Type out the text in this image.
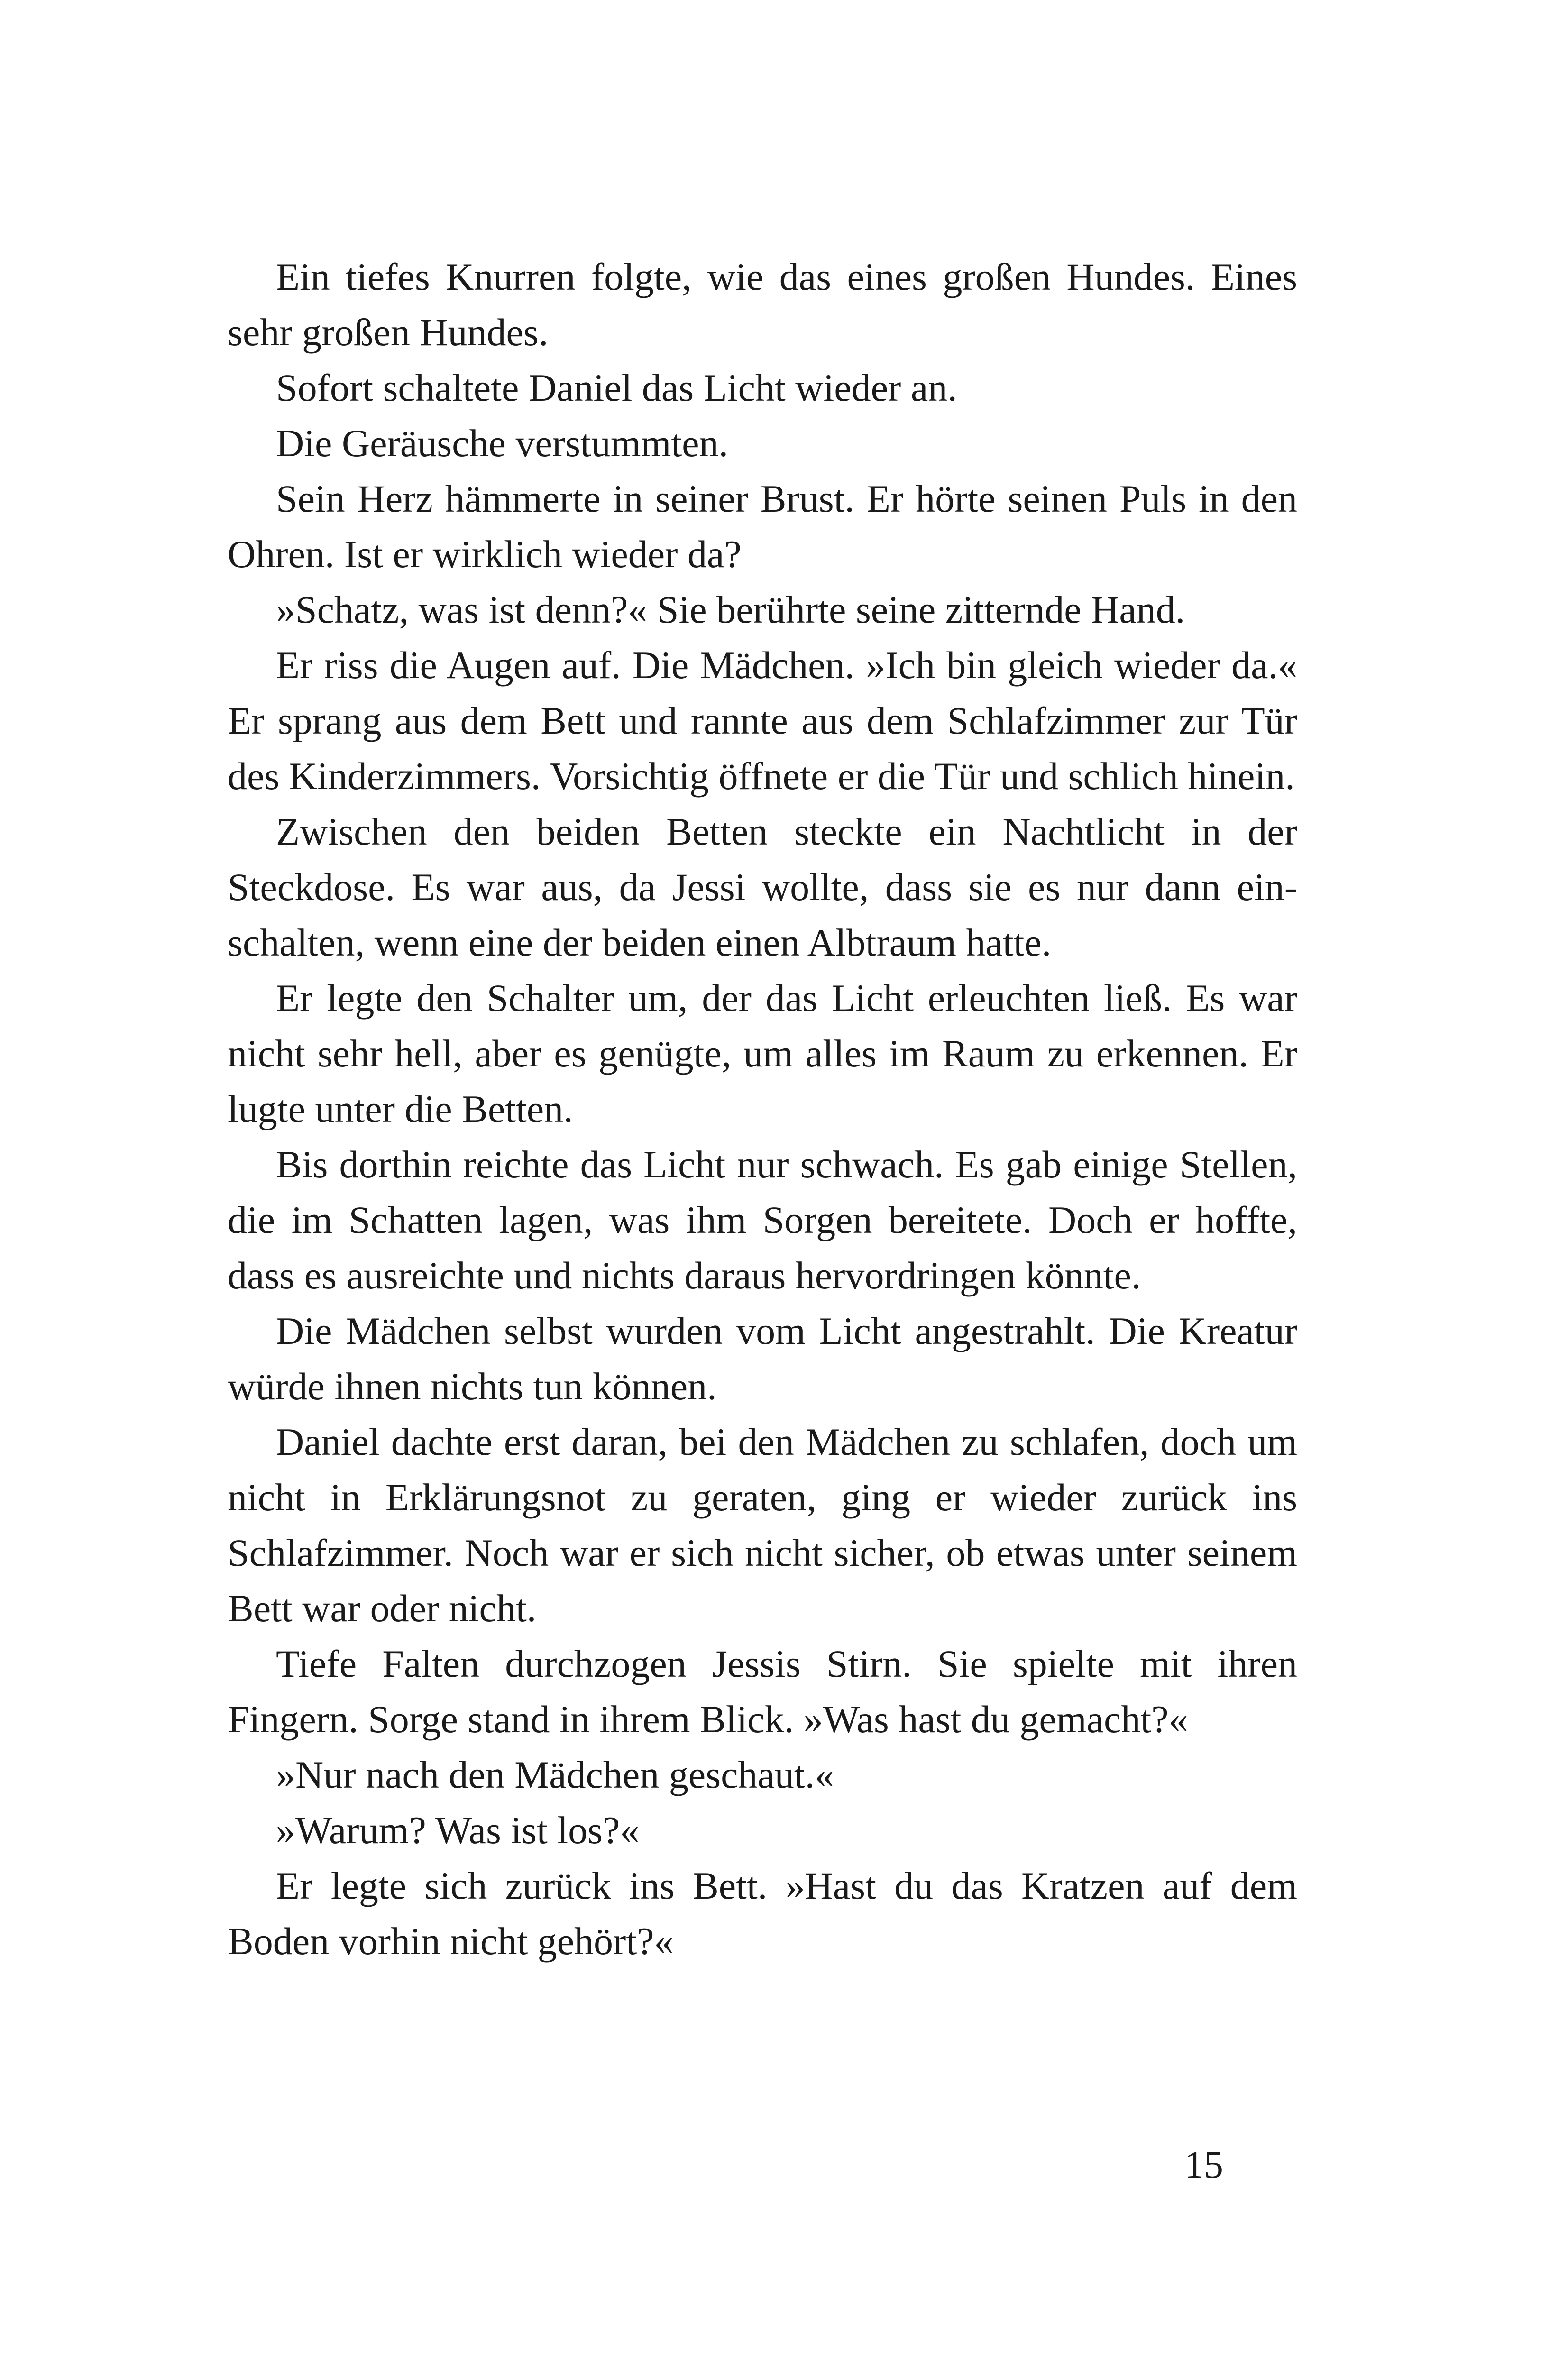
Ein tiefes Knurren folgte, wie das eines großen Hundes. Eines sehr großen Hundes.

Sofort schaltete Daniel das Licht wieder an.

Die Geräusche verstummten.

Sein Herz hämmerte in seiner Brust. Er hörte seinen Puls in den Ohren. Ist er wirklich wieder da?

»Schatz, was ist denn?« Sie berührte seine zitternde Hand.

Er riss die Augen auf. Die Mädchen. »Ich bin gleich wieder da.« Er sprang aus dem Bett und rannte aus dem Schlafzimmer zur Tür des Kinderzimmers. Vorsichtig öffnete er die Tür und schlich hinein.

Zwischen den beiden Betten steckte ein Nachtlicht in der Steckdose. Es war aus, da Jessi wollte, dass sie es nur dann einschalten, wenn eine der beiden einen Albtraum hatte.

Er legte den Schalter um, der das Licht erleuchten ließ. Es war nicht sehr hell, aber es genügte, um alles im Raum zu erkennen. Er lugte unter die Betten.

Bis dorthin reichte das Licht nur schwach. Es gab einige Stellen, die im Schatten lagen, was ihm Sorgen bereitete. Doch er hoffte, dass es ausreichte und nichts daraus hervordringen könnte.

Die Mädchen selbst wurden vom Licht angestrahlt. Die Kreatur würde ihnen nichts tun können.

Daniel dachte erst daran, bei den Mädchen zu schlafen, doch um nicht in Erklärungsnot zu geraten, ging er wieder zurück ins Schlafzimmer. Noch war er sich nicht sicher, ob etwas unter seinem Bett war oder nicht.

Tiefe Falten durchzogen Jessis Stirn. Sie spielte mit ihren Fingern. Sorge stand in ihrem Blick. »Was hast du gemacht?«

»Nur nach den Mädchen geschaut.«

»Warum? Was ist los?«

Er legte sich zurück ins Bett. »Hast du das Kratzen auf dem Boden vorhin nicht gehört?«

15
